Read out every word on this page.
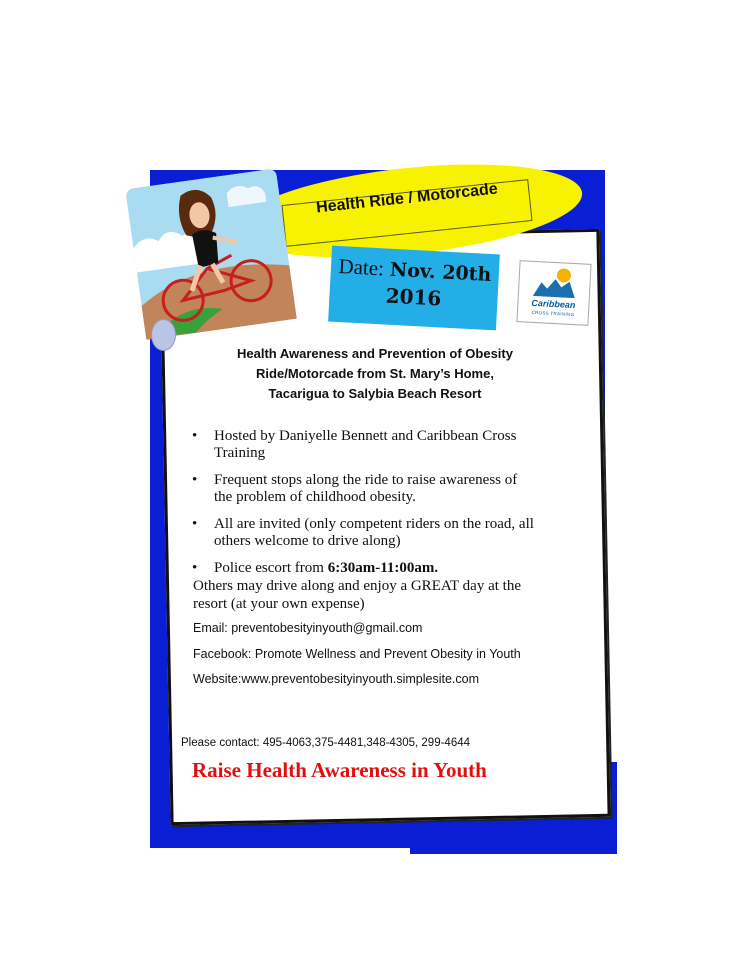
Health Ride / Motorcade
Date: Nov. 20th
2016	Caribbean
CROSS TRAINING
Health Awareness and Prevention of Obesity
Ride/Motorcade from St. Mary’s Home,
Tacarigua to Salybia Beach Resort
• Hosted by Daniyelle Bennett and Caribbean Cross Training
• Frequent stops along the ride to raise awareness of the problem of childhood obesity.
• All are invited (only competent riders on the road, all others welcome to drive along)
• Police escort from 6:30am-11:00am.
Others may drive along and enjoy a GREAT day at the resort (at your own expense)
Email: preventobesityinyouth@gmail.com
Facebook: Promote Wellness and Prevent Obesity in Youth
Website:www.preventobesityinyouth.simplesite.com
Please contact: 495-4063,375-4481,348-4305, 299-4644
Raise Health Awareness in Youth
